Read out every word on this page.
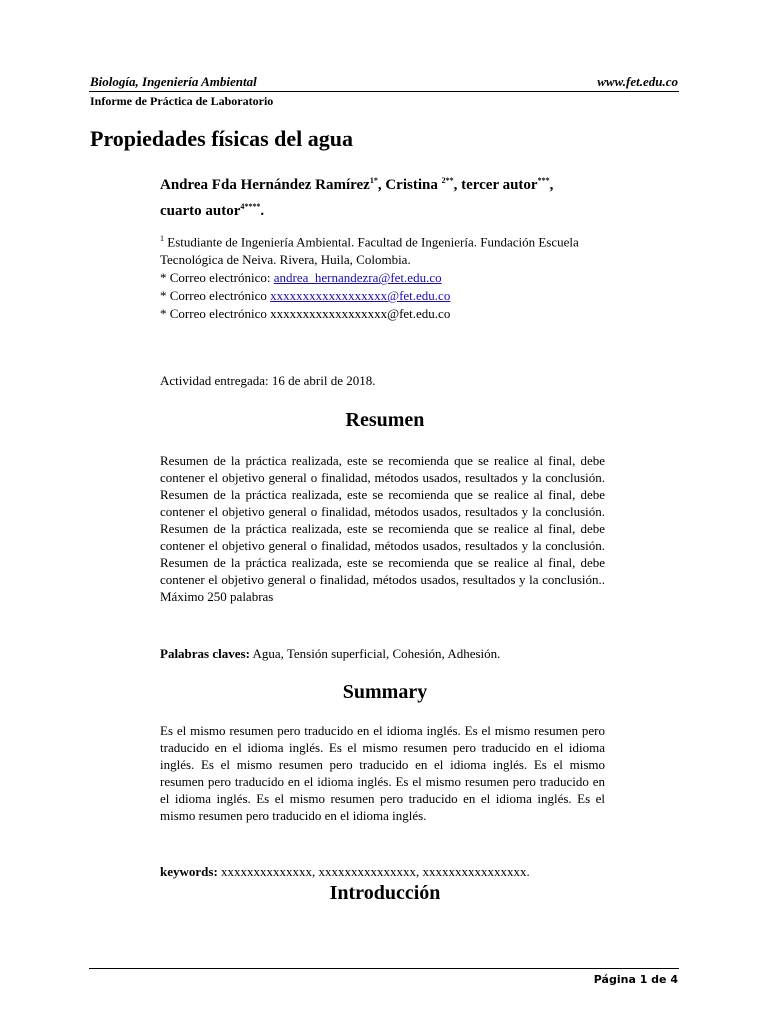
Biología, Ingeniería Ambiental	www.fet.edu.co
Informe de Práctica de Laboratorio
Propiedades físicas del agua
Andrea Fda Hernández Ramírez$^{1*}$, Cristina $^{2**}$, tercer autor***, cuarto autor$^{4****}$.
$^1$ Estudiante de Ingeniería Ambiental. Facultad de Ingeniería. Fundación Escuela Tecnológica de Neiva. Rivera, Huila, Colombia.
* Correo electrónico: andrea_hernandezra@fet.edu.co
* Correo electrónico xxxxxxxxxxxxxxxxxx@fet.edu.co
* Correo electrónico xxxxxxxxxxxxxxxxxx@fet.edu.co
Actividad entregada: 16 de abril de 2018.
Resumen
Resumen de la práctica realizada, este se recomienda que se realice al final, debe contener el objetivo general o finalidad, métodos usados, resultados y la conclusión. Resumen de la práctica realizada, este se recomienda que se realice al final, debe contener el objetivo general o finalidad, métodos usados, resultados y la conclusión. Resumen de la práctica realizada, este se recomienda que se realice al final, debe contener el objetivo general o finalidad, métodos usados, resultados y la conclusión. Resumen de la práctica realizada, este se recomienda que se realice al final, debe contener el objetivo general o finalidad, métodos usados, resultados y la conclusión.. Máximo 250 palabras
Palabras claves: Agua, Tensión superficial, Cohesión, Adhesión.
Summary
Es el mismo resumen pero traducido en el idioma inglés. Es el mismo resumen pero traducido en el idioma inglés. Es el mismo resumen pero traducido en el idioma inglés. Es el mismo resumen pero traducido en el idioma inglés. Es el mismo resumen pero traducido en el idioma inglés. Es el mismo resumen pero traducido en el idioma inglés. Es el mismo resumen pero traducido en el idioma inglés. Es el mismo resumen pero traducido en el idioma inglés.
keywords: xxxxxxxxxxxxxx, xxxxxxxxxxxxxxx, xxxxxxxxxxxxxxxx.
Introducción
Página 1 de 4
